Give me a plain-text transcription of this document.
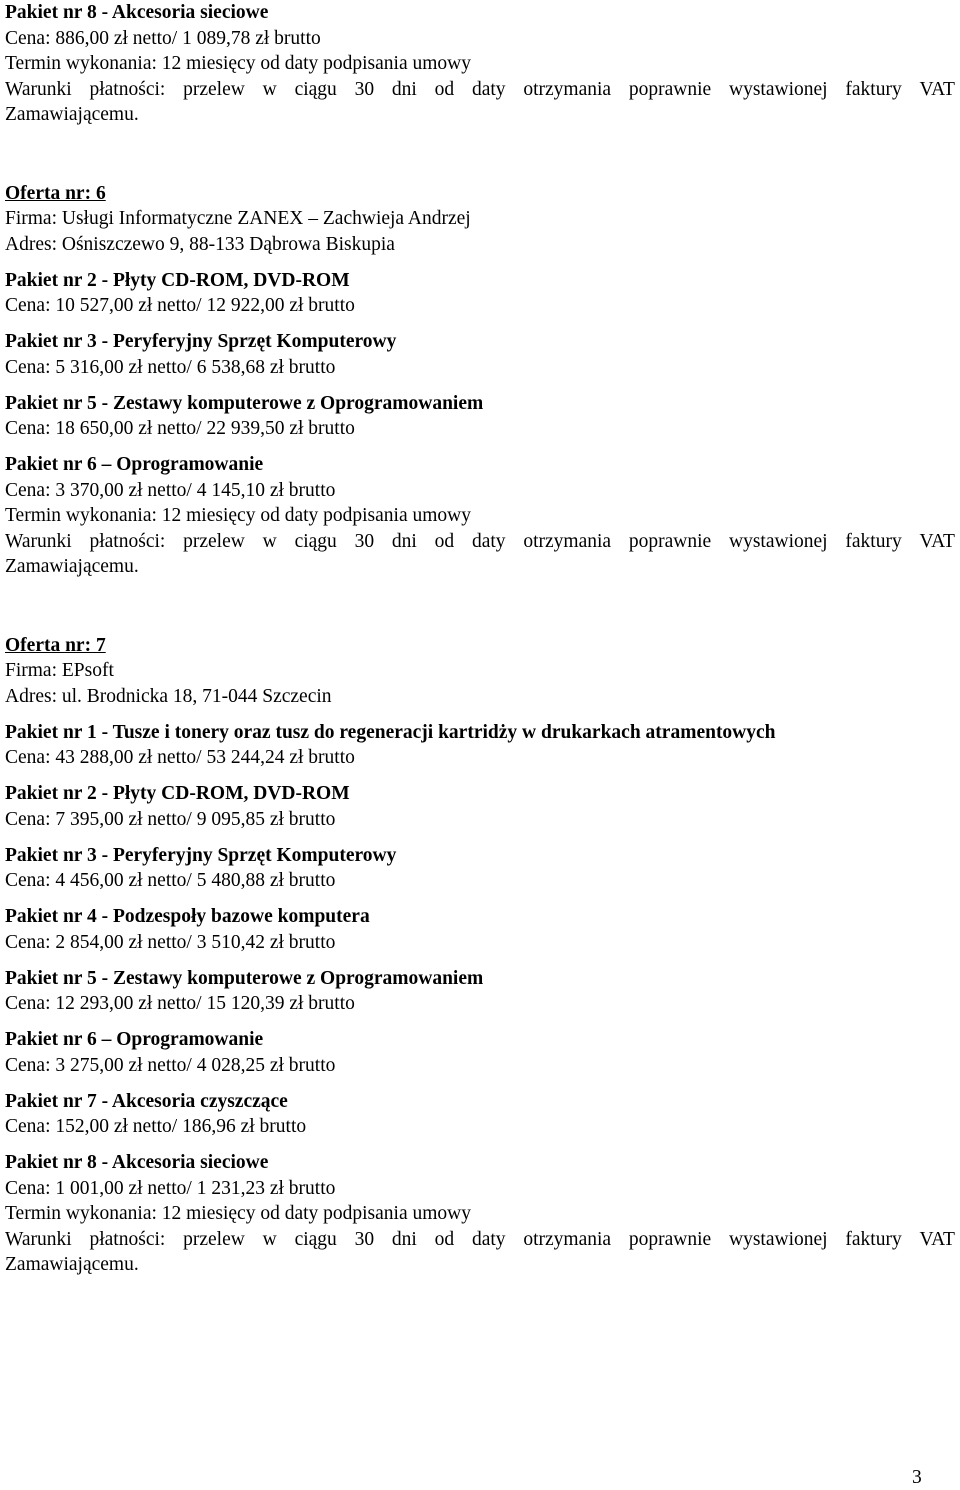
Pakiet nr 8 - Akcesoria sieciowe
Cena: 886,00 zł netto/ 1 089,78 zł brutto
Termin wykonania: 12 miesięcy od daty podpisania umowy
Warunki płatności: przelew w ciągu 30 dni od daty otrzymania poprawnie wystawionej faktury VAT
Zamawiającemu.
Oferta nr: 6
Firma: Usługi Informatyczne ZANEX – Zachwieja Andrzej
Adres: Ośniszczewo 9, 88-133 Dąbrowa Biskupia
Pakiet nr 2 - Płyty CD-ROM, DVD-ROM
Cena: 10 527,00 zł netto/ 12 922,00 zł brutto
Pakiet nr 3 - Peryferyjny Sprzęt Komputerowy
Cena: 5 316,00 zł netto/ 6 538,68 zł brutto
Pakiet nr 5 - Zestawy komputerowe z Oprogramowaniem
Cena: 18 650,00 zł netto/ 22 939,50 zł brutto
Pakiet nr 6 – Oprogramowanie
Cena: 3 370,00 zł netto/ 4 145,10 zł brutto
Termin wykonania: 12 miesięcy od daty podpisania umowy
Warunki płatności: przelew w ciągu 30 dni od daty otrzymania poprawnie wystawionej faktury VAT
Zamawiającemu.
Oferta nr: 7
Firma: EPsoft
Adres: ul. Brodnicka 18, 71-044 Szczecin
Pakiet nr 1 - Tusze i tonery oraz tusz do regeneracji kartridży w drukarkach atramentowych
Cena: 43 288,00 zł netto/ 53 244,24 zł brutto
Pakiet nr 2 - Płyty CD-ROM, DVD-ROM
Cena: 7 395,00 zł netto/ 9 095,85 zł brutto
Pakiet nr 3 - Peryferyjny Sprzęt Komputerowy
Cena: 4 456,00 zł netto/ 5 480,88 zł brutto
Pakiet nr 4 - Podzespoły bazowe komputera
Cena: 2 854,00 zł netto/ 3 510,42 zł brutto
Pakiet nr 5 - Zestawy komputerowe z Oprogramowaniem
Cena: 12 293,00 zł netto/ 15 120,39 zł brutto
Pakiet nr 6 – Oprogramowanie
Cena: 3 275,00 zł netto/ 4 028,25 zł brutto
Pakiet nr 7 - Akcesoria czyszczące
Cena: 152,00 zł netto/ 186,96 zł brutto
Pakiet nr 8 - Akcesoria sieciowe
Cena: 1 001,00 zł netto/ 1 231,23 zł brutto
Termin wykonania: 12 miesięcy od daty podpisania umowy
Warunki płatności: przelew w ciągu 30 dni od daty otrzymania poprawnie wystawionej faktury VAT
Zamawiającemu.
3
